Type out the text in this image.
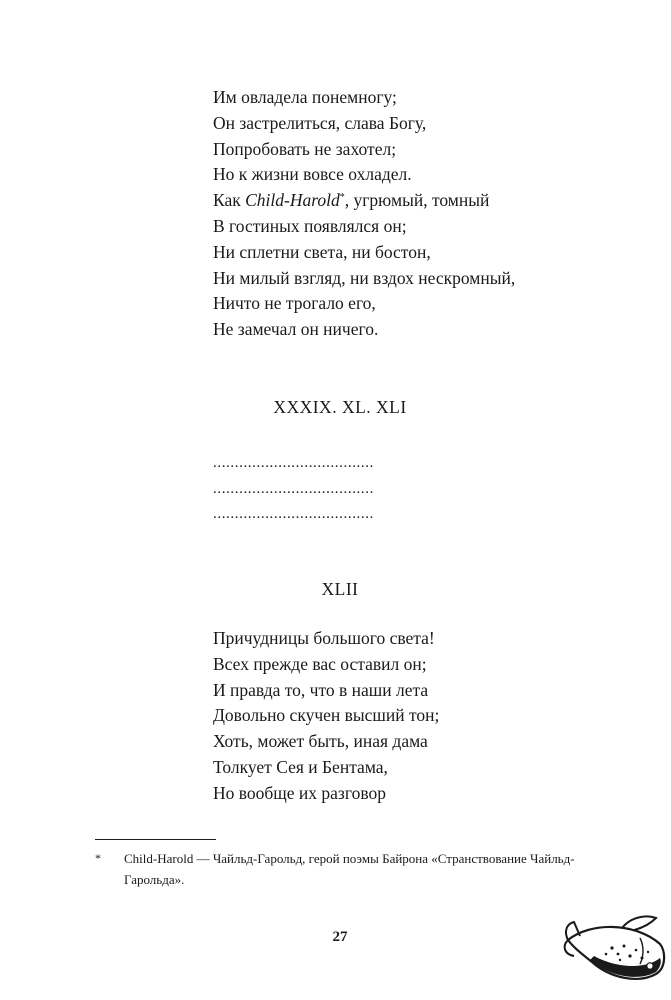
Им овладела понемногу;
Он застрелиться, слава Богу,
Попробовать не захотел;
Но к жизни вовсе охладел.
Как Child-Harold*, угрюмый, томный
В гостиных появлялся он;
Ни сплетни света, ни бостон,
Ни милый взгляд, ни вздох нескромный,
Ничто не трогало его,
Не замечал он ничего.
XXXIX. XL. XLI
.....................................
.....................................
.....................................
XLII
Причудницы большого света!
Всех прежде вас оставил он;
И правда то, что в наши лета
Довольно скучен высший тон;
Хоть, может быть, иная дама
Толкует Сея и Бентама,
Но вообще их разговор
* Child-Harold — Чайльд-Гарольд, герой поэмы Байрона «Странствование Чайльд-Гарольда».
27
